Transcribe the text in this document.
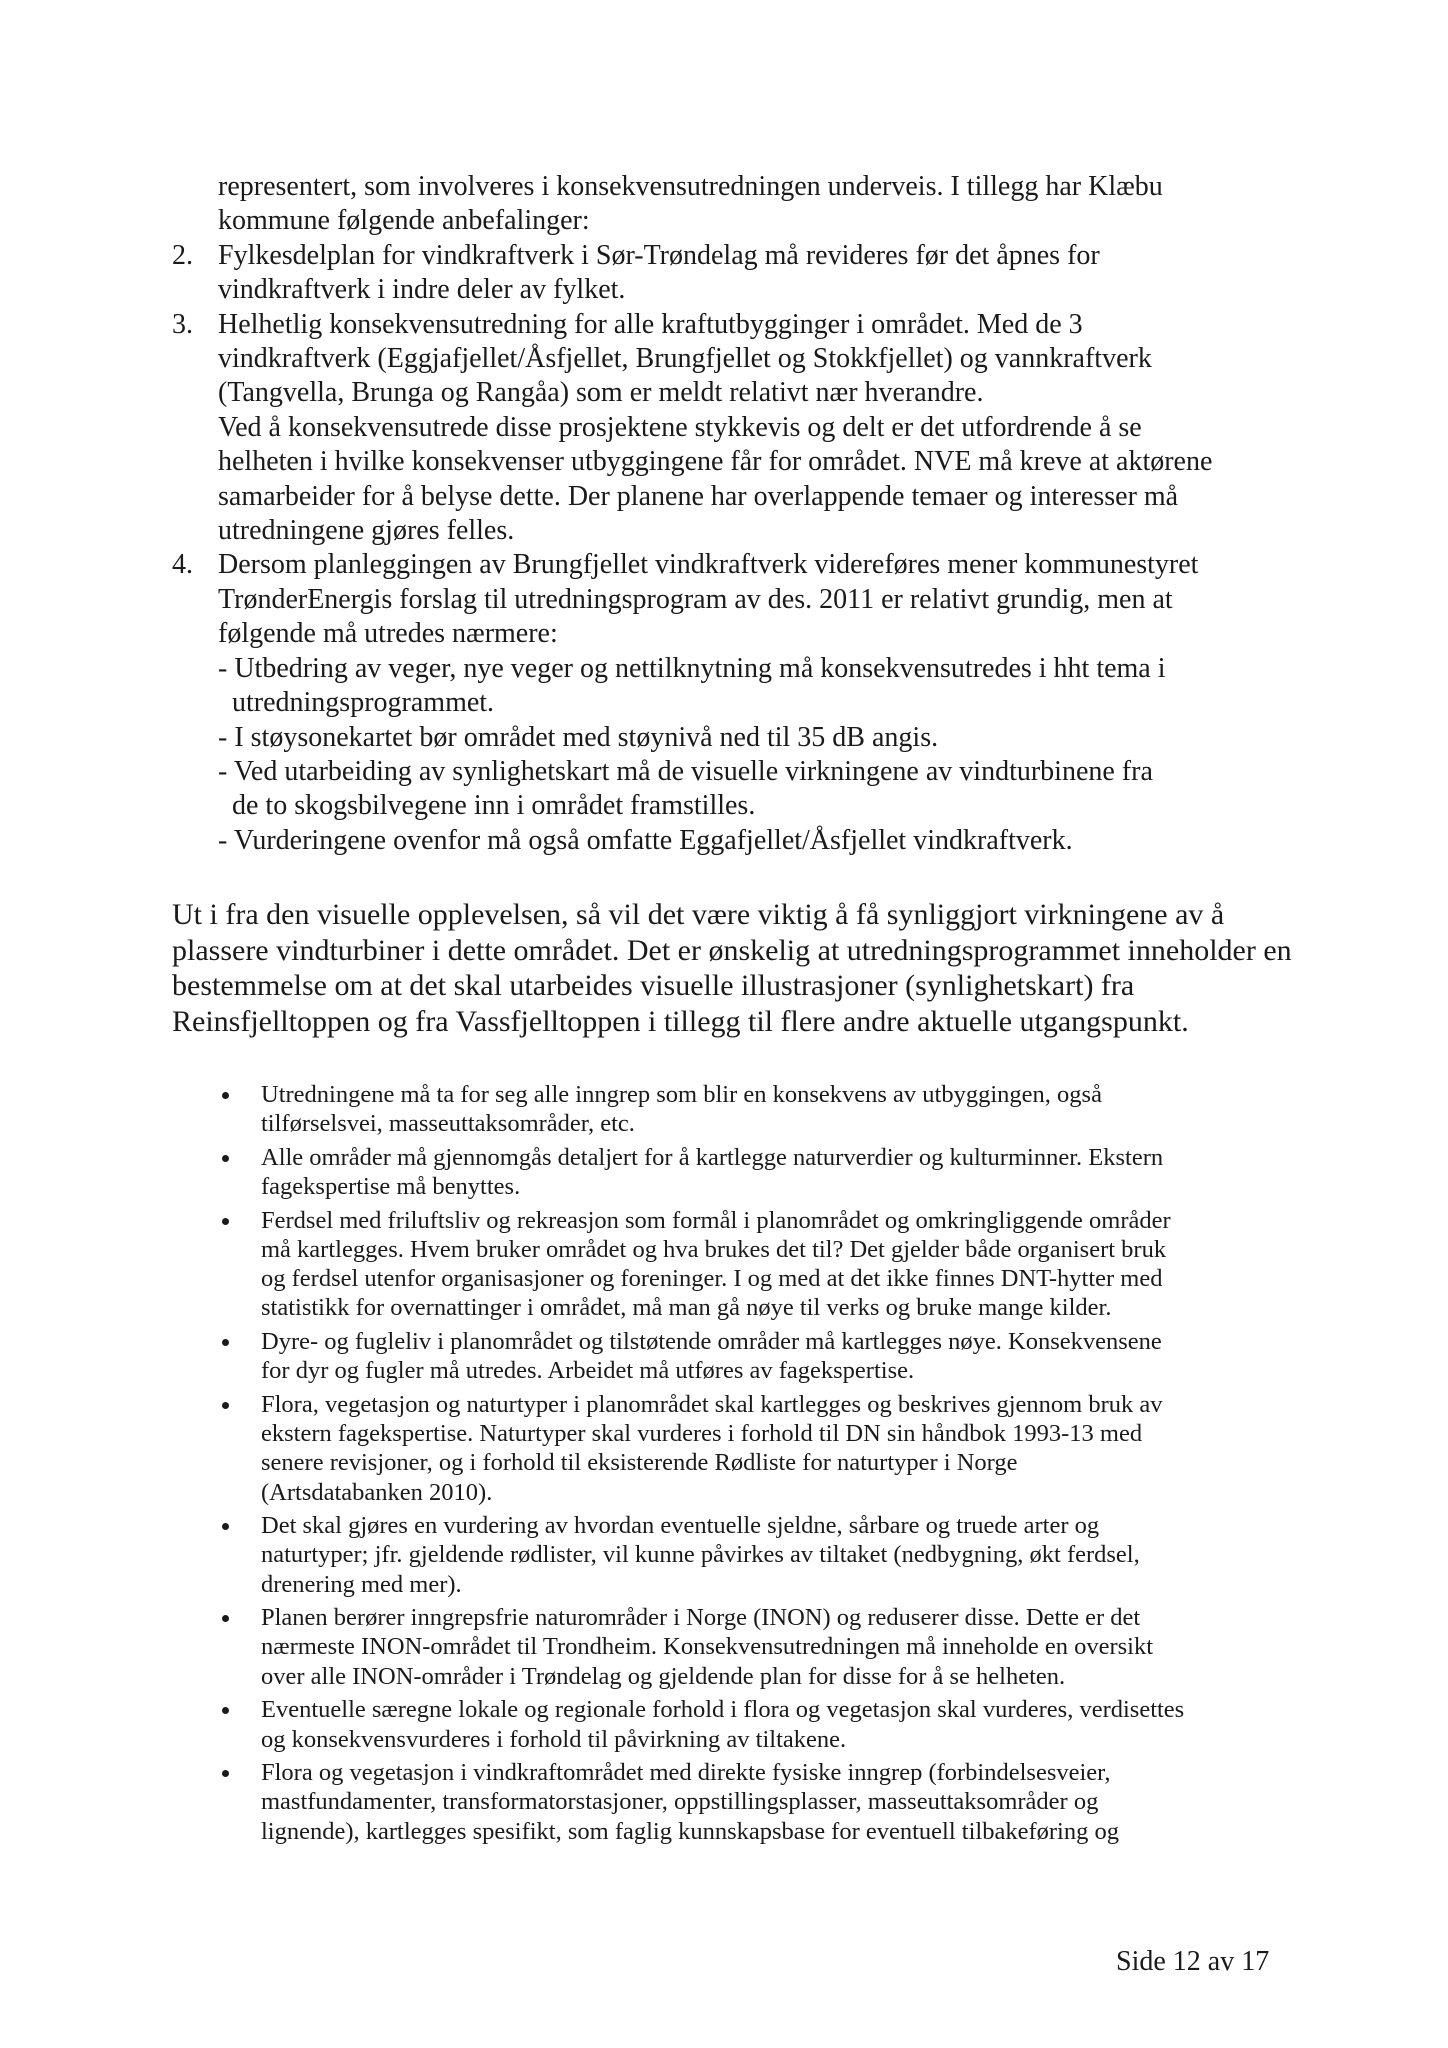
representert, som involveres i konsekvensutredningen underveis. I tillegg har Klæbu
kommune følgende anbefalinger:
2. Fylkesdelplan for vindkraftverk i Sør-Trøndelag må revideres før det åpnes for
vindkraftverk i indre deler av fylket.
3. Helhetlig konsekvensutredning for alle kraftutbygginger i området. Med de 3
vindkraftverk (Eggjafjellet/Åsfjellet, Brungfjellet og Stokkfjellet) og vannkraftverk
(Tangvella, Brunga og Rangåa) som er meldt relativt nær hverandre.
Ved å konsekvensutrede disse prosjektene stykkevis og delt er det utfordrende å se
helheten i hvilke konsekvenser utbyggingene får for området. NVE må kreve at aktørene
samarbeider for å belyse dette. Der planene har overlappende temaer og interesser må
utredningene gjøres felles.
4. Dersom planleggingen av Brungfjellet vindkraftverk videreføres mener kommunestyret
TrønderEnergis forslag til utredningsprogram av des. 2011 er relativt grundig, men at
følgende må utredes nærmere:
- Utbedring av veger, nye veger og nettilknytning må konsekvensutredes i hht tema i
utredningsprogrammet.
- I støysonekartet bør området med støynivå ned til 35 dB angis.
- Ved utarbeiding av synlighetskart må de visuelle virkningene av vindturbinene fra
de to skogsbilvegene inn i området framstilles.
- Vurderingene ovenfor må også omfatte Eggafjellet/Åsfjellet vindkraftverk.
Ut i fra den visuelle opplevelsen, så vil det være viktig å få synliggjort virkningene av å
plassere vindturbiner i dette området. Det er ønskelig at utredningsprogrammet inneholder en
bestemmelse om at det skal utarbeides visuelle illustrasjoner (synlighetskart) fra
Reinsfjelltoppen og fra Vassfjelltoppen i tillegg til flere andre aktuelle utgangspunkt.
Utredningene må ta for seg alle inngrep som blir en konsekvens av utbyggingen, også
tilførselsvei, masseuttaksområder, etc.
Alle områder må gjennomgås detaljert for å kartlegge naturverdier og kulturminner. Ekstern
fagekspertise må benyttes.
Ferdsel med friluftsliv og rekreasjon som formål i planområdet og omkringliggende områder
må kartlegges. Hvem bruker området og hva brukes det til? Det gjelder både organisert bruk
og ferdsel utenfor organisasjoner og foreninger. I og med at det ikke finnes DNT-hytter med
statistikk for overnattinger i området, må man gå nøye til verks og bruke mange kilder.
Dyre- og fugleliv i planområdet og tilstøtende områder må kartlegges nøye. Konsekvensene
for dyr og fugler må utredes. Arbeidet må utføres av fagekspertise.
Flora, vegetasjon og naturtyper i planområdet skal kartlegges og beskrives gjennom bruk av
ekstern fagekspertise. Naturtyper skal vurderes i forhold til DN sin håndbok 1993-13 med
senere revisjoner, og i forhold til eksisterende Rødliste for naturtyper i Norge
(Artsdatabanken 2010).
Det skal gjøres en vurdering av hvordan eventuelle sjeldne, sårbare og truede arter og
naturtyper; jfr. gjeldende rødlister, vil kunne påvirkes av tiltaket (nedbygning, økt ferdsel,
drenering med mer).
Planen berører inngrepsfrie naturområder i Norge (INON) og reduserer disse. Dette er det
nærmeste INON-området til Trondheim. Konsekvensutredningen må inneholde en oversikt
over alle INON-områder i Trøndelag og gjeldende plan for disse for å se helheten.
Eventuelle særegne lokale og regionale forhold i flora og vegetasjon skal vurderes, verdisettes
og konsekvensvurderes i forhold til påvirkning av tiltakene.
Flora og vegetasjon i vindkraftområdet med direkte fysiske inngrep (forbindelsesveier,
mastfundamenter, transformatorstasjoner, oppstillingsplasser, masseuttaksområder og
lignende), kartlegges spesifikt, som faglig kunnskapsbase for eventuell tilbakeføring og
Side 12 av 17
